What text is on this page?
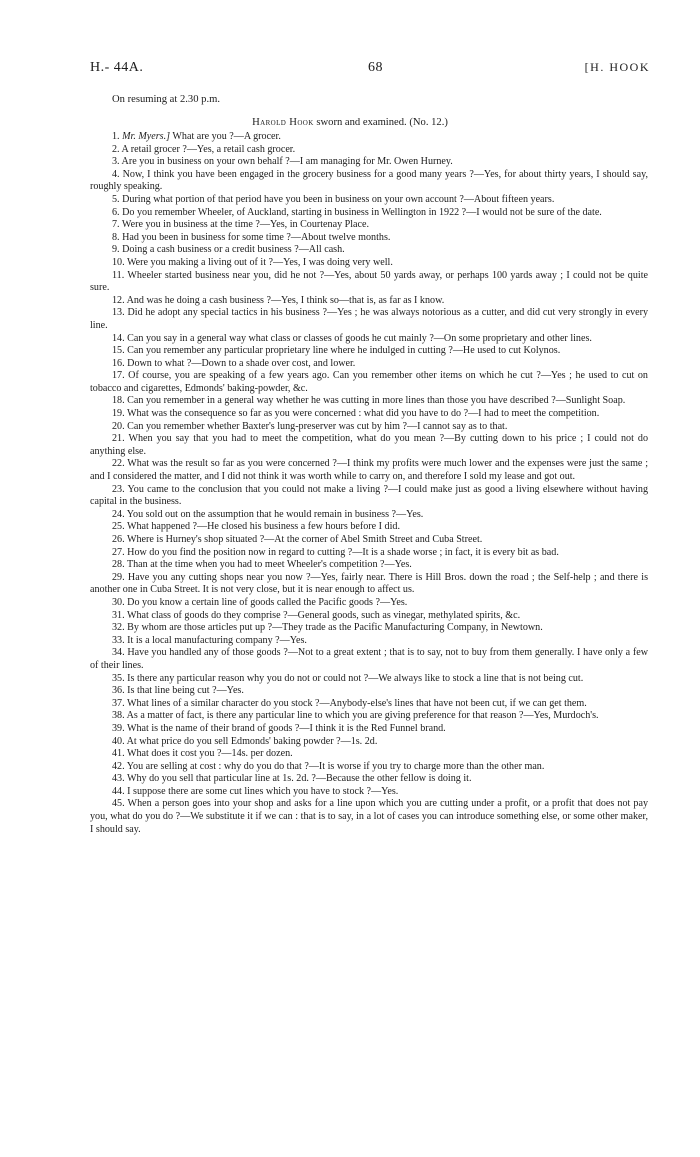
H.- 44A.	68	[H. HOOK
On resuming at 2.30 p.m.
Harold Hook sworn and examined. (No. 12.)

1. Mr. Myers.] What are you ?—A grocer.

2. A retail grocer ?—Yes, a retail cash grocer.

3. Are you in business on your own behalf ?—I am managing for Mr. Owen Hurney.

4. Now, I think you have been engaged in the grocery business for a good many years ?—Yes, for about thirty years, I should say, roughly speaking.

5. During what portion of that period have you been in business on your own account ?—About fifteen years.

6. Do you remember Wheeler, of Auckland, starting in business in Wellington in 1922 ?—I would not be sure of the date.

7. Were you in business at the time ?—Yes, in Courtenay Place.

8. Had you been in business for some time ?—About twelve months.

9. Doing a cash business or a credit business ?—All cash.

10. Were you making a living out of it ?—Yes, I was doing very well.

11. Wheeler started business near you, did he not ?—Yes, about 50 yards away, or perhaps 100 yards away ; I could not be quite sure.

12. And was he doing a cash business ?—Yes, I think so—that is, as far as I know.

13. Did he adopt any special tactics in his business ?—Yes ; he was always notorious as a cutter, and did cut very strongly in every line.

14. Can you say in a general way what class or classes of goods he cut mainly ?—On some proprietary and other lines.

15. Can you remember any particular proprietary line where he indulged in cutting ?—He used to cut Kolynos.

16. Down to what ?—Down to a shade over cost, and lower.

17. Of course, you are speaking of a few years ago. Can you remember other items on which he cut ?—Yes ; he used to cut on tobacco and cigarettes, Edmonds' baking-powder, &c.

18. Can you remember in a general way whether he was cutting in more lines than those you have described ?—Sunlight Soap.

19. What was the consequence so far as you were concerned : what did you have to do ?—I had to meet the competition.

20. Can you remember whether Baxter's lung-preserver was cut by him ?—I cannot say as to that.

21. When you say that you had to meet the competition, what do you mean ?—By cutting down to his price ; I could not do anything else.

22. What was the result so far as you were concerned ?—I think my profits were much lower and the expenses were just the same ; and I considered the matter, and I did not think it was worth while to carry on, and therefore I sold my lease and got out.

23. You came to the conclusion that you could not make a living ?—I could make just as good a living elsewhere without having capital in the business.

24. You sold out on the assumption that he would remain in business ?—Yes.

25. What happened ?—He closed his business a few hours before I did.

26. Where is Hurney's shop situated ?—At the corner of Abel Smith Street and Cuba Street.

27. How do you find the position now in regard to cutting ?—It is a shade worse ; in fact, it is every bit as bad.

28. Than at the time when you had to meet Wheeler's competition ?—Yes.

29. Have you any cutting shops near you now ?—Yes, fairly near. There is Hill Bros. down the road ; the Self-help ; and there is another one in Cuba Street. It is not very close, but it is near enough to affect us.

30. Do you know a certain line of goods called the Pacific goods ?—Yes.

31. What class of goods do they comprise ?—General goods, such as vinegar, methylated spirits, &c.

32. By whom are those articles put up ?—They trade as the Pacific Manufacturing Company, in Newtown.

33. It is a local manufacturing company ?—Yes.

34. Have you handled any of those goods ?—Not to a great extent ; that is to say, not to buy from them generally. I have only a few of their lines.

35. Is there any particular reason why you do not or could not ?—We always like to stock a line that is not being cut.

36. Is that line being cut ?—Yes.

37. What lines of a similar character do you stock ?—Anybody-else's lines that have not been cut, if we can get them.

38. As a matter of fact, is there any particular line to which you are giving preference for that reason ?—Yes, Murdoch's.

39. What is the name of their brand of goods ?—I think it is the Red Funnel brand.

40. At what price do you sell Edmonds' baking powder ?—1s. 2d.

41. What does it cost you ?—14s. per dozen.

42. You are selling at cost : why do you do that ?—It is worse if you try to charge more than the other man.

43. Why do you sell that particular line at 1s. 2d. ?—Because the other fellow is doing it.

44. I suppose there are some cut lines which you have to stock ?—Yes.

45. When a person goes into your shop and asks for a line upon which you are cutting under a profit, or a profit that does not pay you, what do you do ?—We substitute it if we can : that is to say, in a lot of cases you can introduce something else, or some other maker, I should say.
